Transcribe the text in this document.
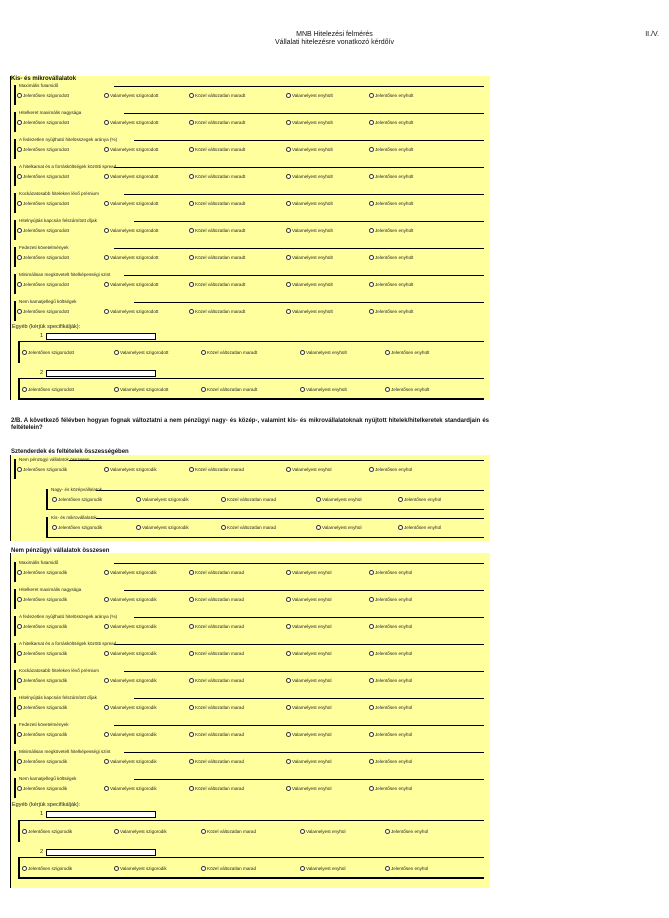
MNB Hitelezési felmérés
Vállalati hitelezésre vonatkozó kérdőív
II./V.
Kis- és mikrovállalatok
Maximális futamidő
Jelentősen szigorodott	Valamelyest szigorodott	Közel változatlan maradt	Valamelyest enyhült	Jelentősen enyhült
Hitelkeret maximális nagysága
Jelentősen szigorodott	Valamelyest szigorodott	Közel változatlan maradt	Valamelyest enyhült	Jelentősen enyhült
A fedezetlen nyújtható hitelösszegek aránya (%)
Jelentősen szigorodott	Valamelyest szigorodott	Közel változatlan maradt	Valamelyest enyhült	Jelentősen enyhült
A hitelkamat és a forrásköltségek közötti spread
Jelentősen szigorodott	Valamelyest szigorodott	Közel változatlan maradt	Valamelyest enyhült	Jelentősen enyhült
Kockázatosabb hiteleken lévő prémium
Jelentősen szigorodott	Valamelyest szigorodott	Közel változatlan maradt	Valamelyest enyhült	Jelentősen enyhült
Hitelnyújtás kapcsán felszámított díjak
Jelentősen szigorodott	Valamelyest szigorodott	Közel változatlan maradt	Valamelyest enyhült	Jelentősen enyhült
Fedezeti követelmények
Jelentősen szigorodott	Valamelyest szigorodott	Közel változatlan maradt	Valamelyest enyhült	Jelentősen enyhült
Minimálisan megkövetelt hitelképességi szint
Jelentősen szigorodott	Valamelyest szigorodott	Közel változatlan maradt	Valamelyest enyhült	Jelentősen enyhült
Nem kamatjellegű költségek
Jelentősen szigorodott	Valamelyest szigorodott	Közel változatlan maradt	Valamelyest enyhült	Jelentősen enyhült
Egyéb (kérjük specifikálják):
1
2
Jelentősen szigorodott	Valamelyest szigorodott	Közel változatlan maradt	Valamelyest enyhült	Jelentősen enyhült
Jelentősen szigorodott	Valamelyest szigorodott	Közel változatlan maradt	Valamelyest enyhült	Jelentősen enyhült
2/B. A következő félévben hogyan fognak változtatni a nem pénzügyi nagy- és közép-, valamint kis- és mikrovállalatoknak nyújtott hitelek/hitelkeretek standardjain és feltételein?
Sztenderdek és feltételek összességében
Nem pénzügyi vállalatok összesen
Jelentősen szigorodik	Valamelyest szigorodik	Közel változatlan marad	Valamelyest enyhül	Jelentősen enyhül
Nagy- és középvállalatok
Jelentősen szigorodik	Valamelyest szigorodik	Közel változatlan marad	Valamelyest enyhül	Jelentősen enyhül
Kis- és mikrovállalatok
Jelentősen szigorodik	Valamelyest szigorodik	Közel változatlan marad	Valamelyest enyhül	Jelentősen enyhül
Nem pénzügyi vállalatok összesen
Maximális futamidő
Jelentősen szigorodik	Valamelyest szigorodik	Közel változatlan marad	Valamelyest enyhül	Jelentősen enyhül
Hitelkeret maximális nagysága
Jelentősen szigorodik	Valamelyest szigorodik	Közel változatlan marad	Valamelyest enyhül	Jelentősen enyhül
A fedezetlen nyújtható hitelösszegek aránya (%)
Jelentősen szigorodik	Valamelyest szigorodik	Közel változatlan marad	Valamelyest enyhül	Jelentősen enyhül
A hitelkamat és a forrásköltségek közötti spread
Jelentősen szigorodik	Valamelyest szigorodik	Közel változatlan marad	Valamelyest enyhül	Jelentősen enyhül
Kockázatosabb hiteleken lévő prémium
Jelentősen szigorodik	Valamelyest szigorodik	Közel változatlan marad	Valamelyest enyhül	Jelentősen enyhül
Hitelnyújtás kapcsán felszámított díjak
Jelentősen szigorodik	Valamelyest szigorodik	Közel változatlan marad	Valamelyest enyhül	Jelentősen enyhül
Fedezeti követelmények
Jelentősen szigorodik	Valamelyest szigorodik	Közel változatlan marad	Valamelyest enyhül	Jelentősen enyhül
Minimálisan megkövetelt hitelképességi szint
Jelentősen szigorodik	Valamelyest szigorodik	Közel változatlan marad	Valamelyest enyhül	Jelentősen enyhül
Nem kamatjellegű költségek
Jelentősen szigorodik	Valamelyest szigorodik	Közel változatlan marad	Valamelyest enyhül	Jelentősen enyhül
Egyéb (kérjük specifikálják):
1
2
Jelentősen szigorodik	Valamelyest szigorodik	Közel változatlan marad	Valamelyest enyhül	Jelentősen enyhül
Jelentősen szigorodik	Valamelyest szigorodik	Közel változatlan marad	Valamelyest enyhül	Jelentősen enyhül
